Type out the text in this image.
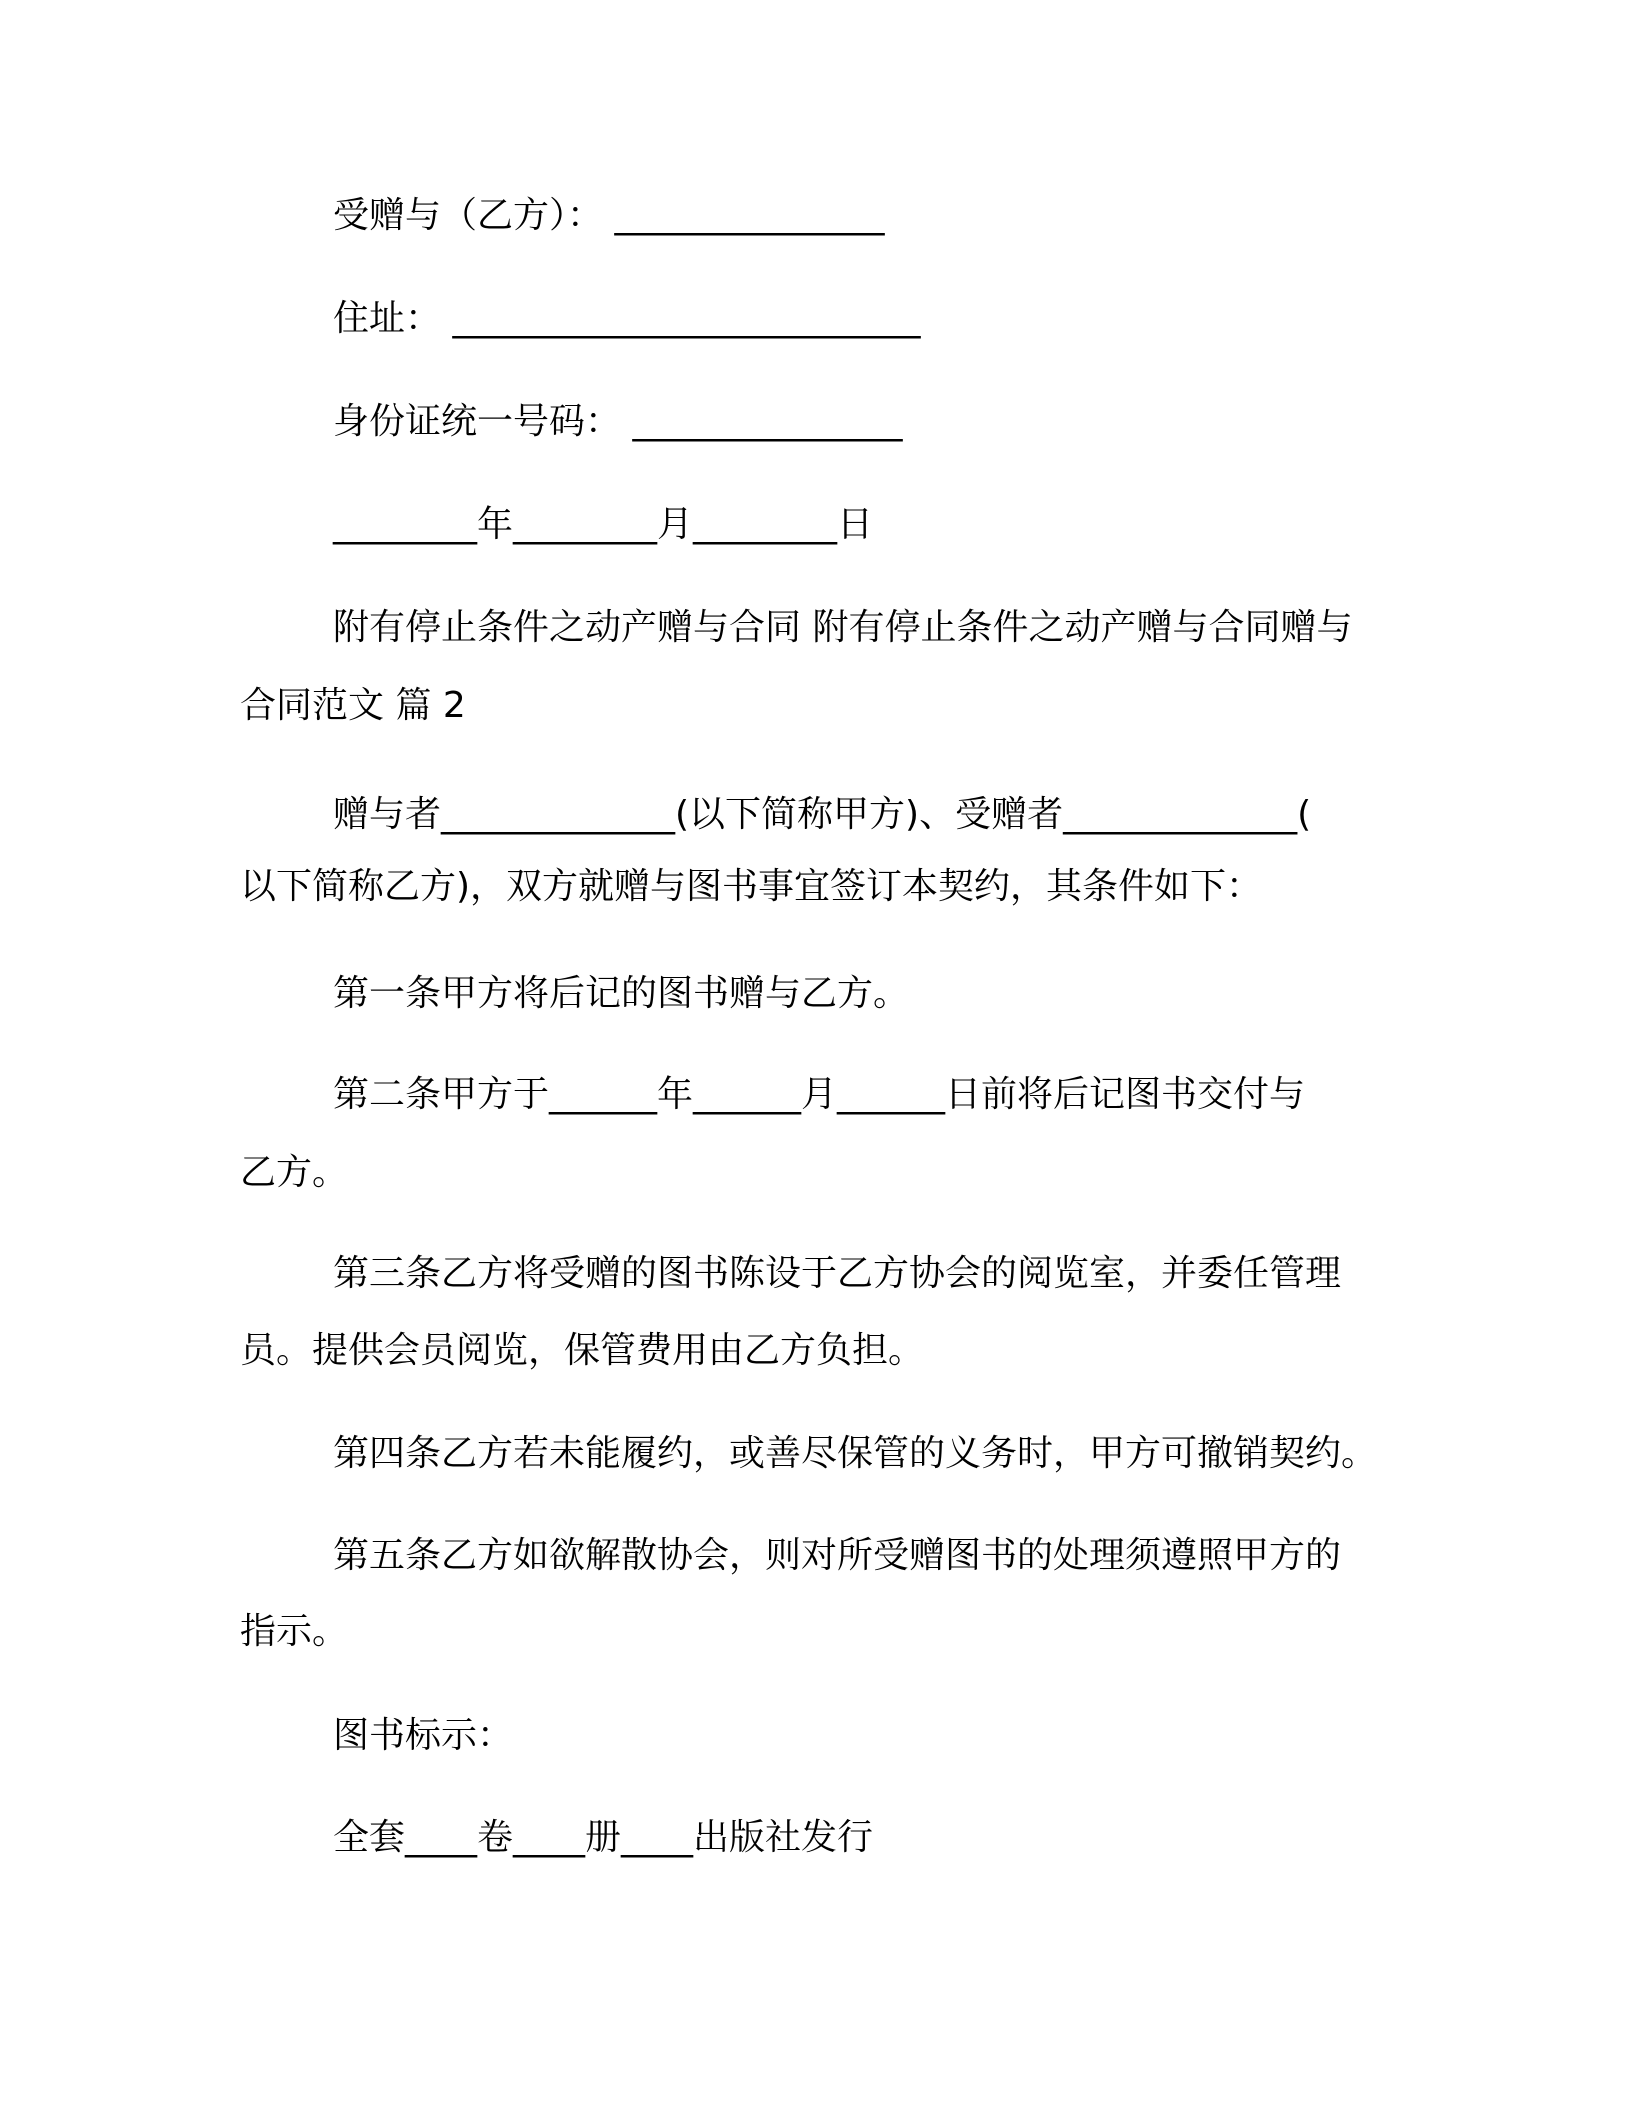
受赠与（乙方）： _______________

住址： __________________________

身份证统一号码： _______________

________年________月________日

附有停止条件之动产赠与合同 附有停止条件之动产赠与合同赠与

合同范文 篇 2

赠与者_____________(以下简称甲方)、受赠者_____________(

以下简称乙方)，双方就赠与图书事宜签订本契约，其条件如下：

第一条甲方将后记的图书赠与乙方。

第二条甲方于______年______月______日前将后记图书交付与

乙方。

第三条乙方将受赠的图书陈设于乙方协会的阅览室，并委任管理

员。提供会员阅览，保管费用由乙方负担。

第四条乙方若未能履约，或善尽保管的义务时，甲方可撤销契约。

第五条乙方如欲解散协会，则对所受赠图书的处理须遵照甲方的

指示。

图书标示：

全套____卷____册____出版社发行
